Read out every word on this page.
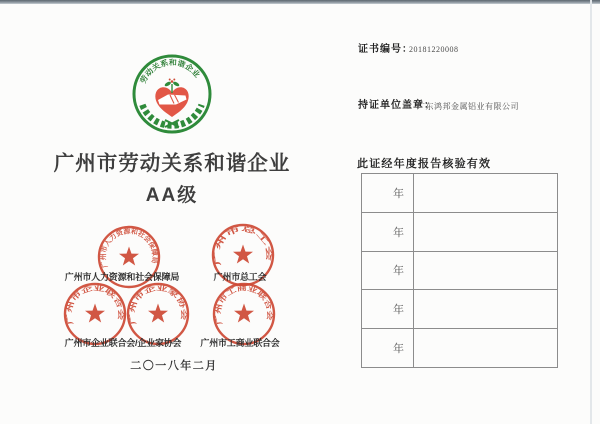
劳动关系和谐企业
广州市劳动关系和谐企业
AA级
广州市人力资源和社会保障局	广州市总工会
广州市企业联合会
广州市企业家协会
广州市工商业联合会
广州市人力资源和社会保障局	广州市总工会
广州市企业联合会/企业家协会	广州市工商业联合会
二〇一八年二月
证书编号：
20181220008
持证单位盖章：
广东鸿邦金属铝业有限公司
此证经年度报告核验有效
年	
年	
年	
年	
年	
